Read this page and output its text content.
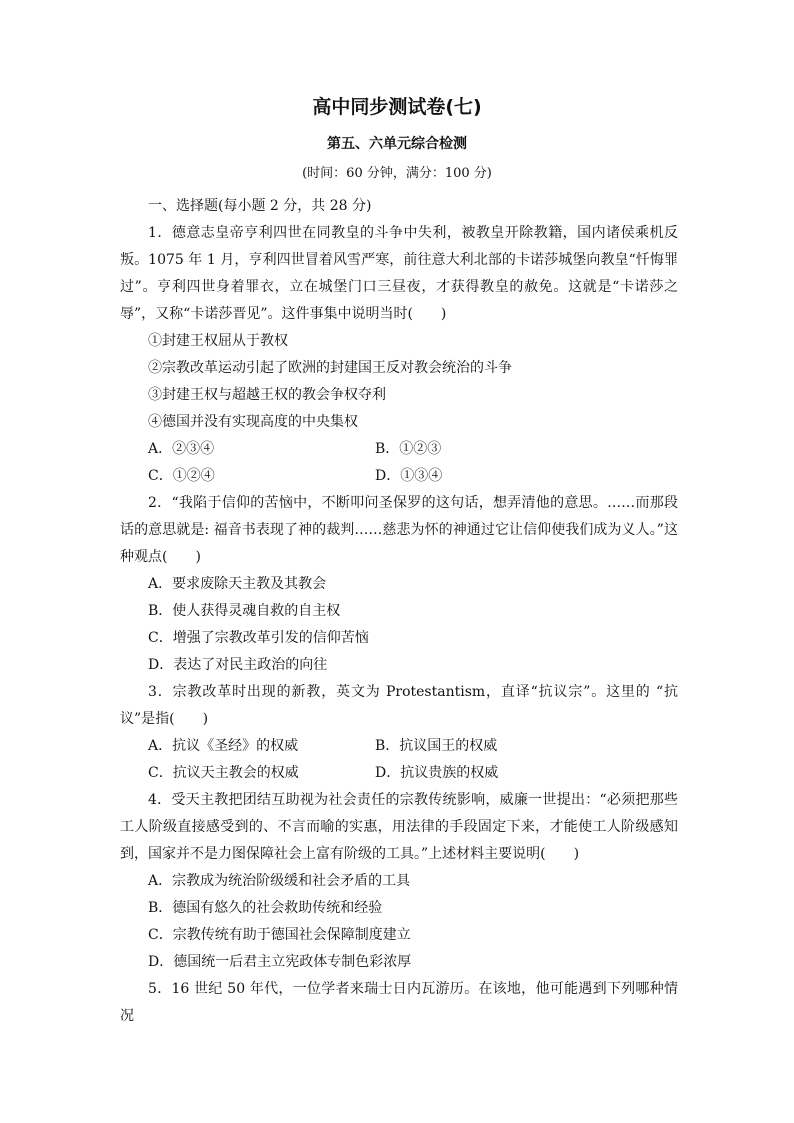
高中同步测试卷(七)
第五、六单元综合检测
(时间：60 分钟，满分：100 分)
一、选择题(每小题 2 分，共 28 分)
1．德意志皇帝亨利四世在同教皇的斗争中失利，被教皇开除教籍，国内诸侯乘机反叛。1075 年 1 月，亨利四世冒着风雪严寒，前往意大利北部的卡诺莎城堡向教皇“忏悔罪过”。亨利四世身着罪衣，立在城堡门口三昼夜，才获得教皇的赦免。这就是“卡诺莎之辱”，又称“卡诺莎晋见”。这件事集中说明当时(　　)
①封建王权屈从于教权
②宗教改革运动引起了欧洲的封建国王反对教会统治的斗争
③封建王权与超越王权的教会争权夺利
④德国并没有实现高度的中央集权
A．②③④	B．①②③
C．①②④	D．①③④
2．“我陷于信仰的苦恼中，不断叩问圣保罗的这句话，想弄清他的意思。……而那段话的意思就是: 福音书表现了神的裁判……慈悲为怀的神通过它让信仰使我们成为义人。”这种观点(　　)
A．要求废除天主教及其教会
B．使人获得灵魂自救的自主权
C．增强了宗教改革引发的信仰苦恼
D．表达了对民主政治的向往
3．宗教改革时出现的新教，英文为 Protestantism，直译“抗议宗”。这里的 “抗议”是指(　　)
A．抗议《圣经》的权威	B．抗议国王的权威
C．抗议天主教会的权威	D．抗议贵族的权威
4．受天主教把团结互助视为社会责任的宗教传统影响，威廉一世提出：“必须把那些工人阶级直接感受到的、不言而喻的实惠，用法律的手段固定下来，才能使工人阶级感知到，国家并不是力图保障社会上富有阶级的工具。”上述材料主要说明(　　)
A．宗教成为统治阶级缓和社会矛盾的工具
B．德国有悠久的社会救助传统和经验
C．宗教传统有助于德国社会保障制度建立
D．德国统一后君主立宪政体专制色彩浓厚
5．16 世纪 50 年代，一位学者来瑞士日内瓦游历。在该地，他可能遇到下列哪种情况
